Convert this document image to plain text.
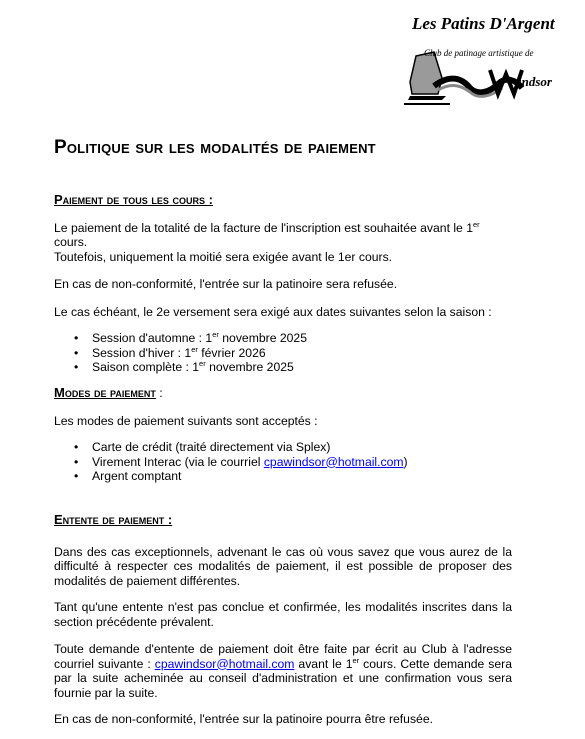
Les Patins D'Argent
Club de patinage artistique de
indsor
Politique sur les modalités de paiement
Paiement de tous les cours :

Le paiement de la totalité de la facture de l'inscription est souhaitée avant le 1er cours.
Toutefois, uniquement la moitié sera exigée avant le 1er cours.

En cas de non-conformité, l'entrée sur la patinoire sera refusée.

Le cas échéant, le 2e versement sera exigé aux dates suivantes selon la saison :

• Session d'automne : 1er novembre 2025
• Session d'hiver : 1er février 2026
• Saison complète : 1er novembre 2025
Modes de paiement :

Les modes de paiement suivants sont acceptés :

• Carte de crédit (traité directement via Splex)
• Virement Interac (via le courriel cpawindsor@hotmail.com)
• Argent comptant
Entente de paiement :

Dans des cas exceptionnels, advenant le cas où vous savez que vous aurez de la difficulté à respecter ces modalités de paiement, il est possible de proposer des modalités de paiement différentes.

Tant qu'une entente n'est pas conclue et confirmée, les modalités inscrites dans la section précédente prévalent.

Toute demande d'entente de paiement doit être faite par écrit au Club à l'adresse courriel suivante : cpawindsor@hotmail.com avant le 1er cours. Cette demande sera par la suite acheminée au conseil d'administration et une confirmation vous sera fournie par la suite.

En cas de non-conformité, l'entrée sur la patinoire pourra être refusée.
